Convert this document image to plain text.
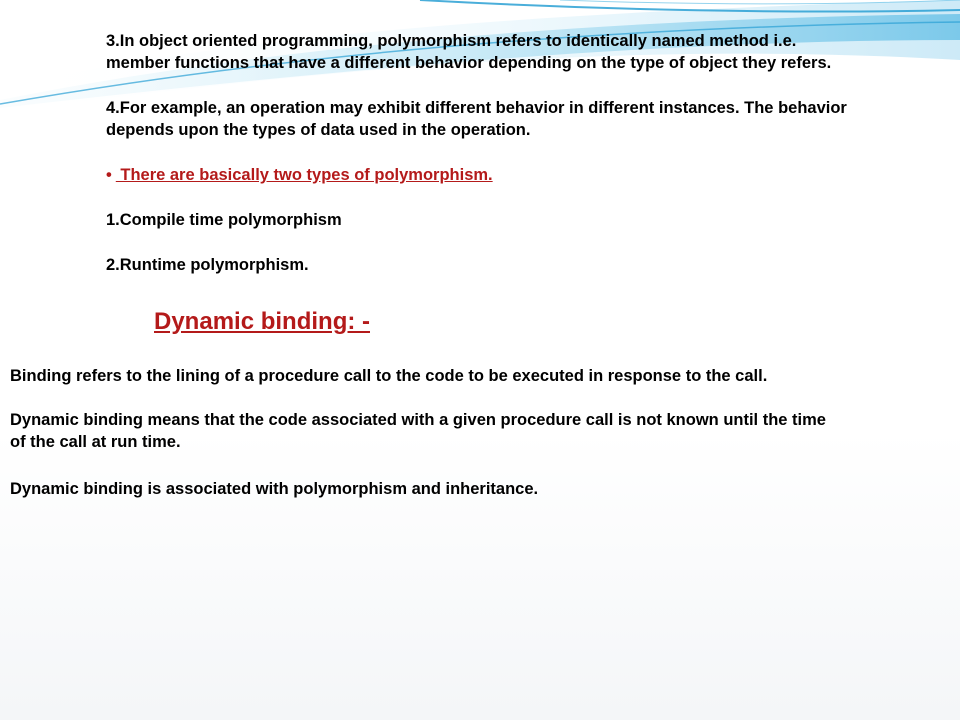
3.In object oriented programming, polymorphism refers to identically named method i.e.
member functions that have a different behavior depending on the type of object they refers.
4.For example, an operation may exhibit different behavior in different instances. The behavior
depends upon the types of data used in the operation.
• There are basically two types of polymorphism.
1.Compile time polymorphism
2.Runtime polymorphism.
Dynamic binding: -
Binding refers to the lining of a procedure call to the code to be executed in response to the call.
Dynamic binding means that the code associated with a given procedure call is not known until the time
of the call at run time.
Dynamic binding is associated with polymorphism and inheritance.
